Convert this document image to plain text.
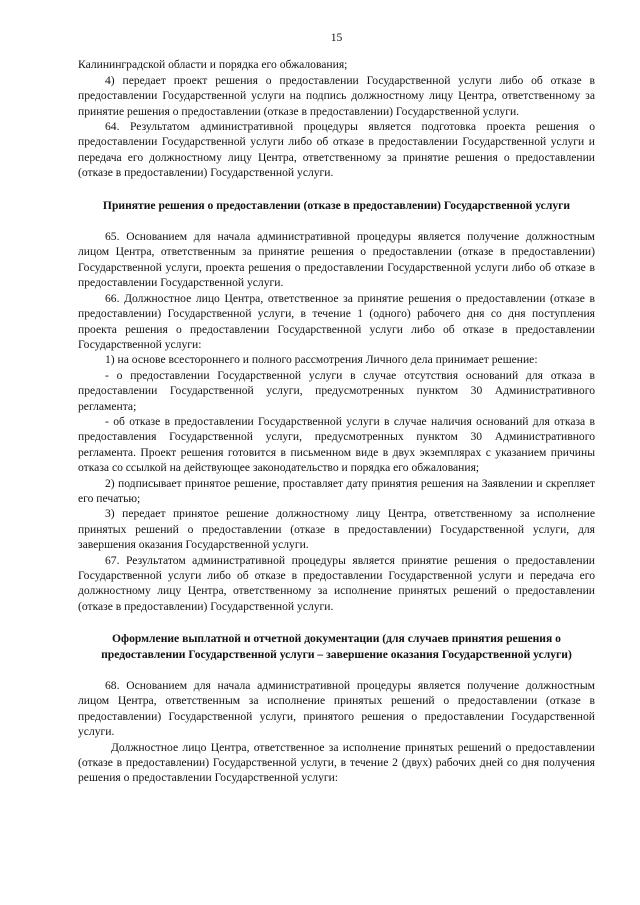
15

Калининградской области и порядка его обжалования;

4) передает проект решения о предоставлении Государственной услуги либо об отказе в предоставлении Государственной услуги на подпись должностному лицу Центра, ответственному за принятие решения о предоставлении (отказе в предоставлении) Государственной услуги.

64. Результатом административной процедуры является подготовка проекта решения о предоставлении Государственной услуги либо об отказе в предоставлении Государственной услуги и передача его должностному лицу Центра, ответственному за принятие решения о предоставлении (отказе в предоставлении) Государственной услуги.

Принятие решения о предоставлении (отказе в предоставлении) Государственной услуги

65. Основанием для начала административной процедуры является получение должностным лицом Центра, ответственным за принятие решения о предоставлении (отказе в предоставлении) Государственной услуги, проекта решения о предоставлении Государственной услуги либо об отказе в предоставлении Государственной услуги.

66. Должностное лицо Центра, ответственное за принятие решения о предоставлении (отказе в предоставлении) Государственной услуги, в течение 1 (одного) рабочего дня со дня поступления проекта решения о предоставлении Государственной услуги либо об отказе в предоставлении Государственной услуги:

1) на основе всестороннего и полного рассмотрения Личного дела принимает решение:

- о предоставлении Государственной услуги в случае отсутствия оснований для отказа в предоставлении Государственной услуги, предусмотренных пунктом 30 Административного регламента;

- об отказе в предоставлении Государственной услуги в случае наличия оснований для отказа в предоставления Государственной услуги, предусмотренных пунктом 30 Административного регламента. Проект решения готовится в письменном виде в двух экземплярах с указанием причины отказа со ссылкой на действующее законодательство и порядка его обжалования;

2) подписывает принятое решение, проставляет дату принятия решения на Заявлении и скрепляет его печатью;

3) передает принятое решение должностному лицу Центра, ответственному за исполнение принятых решений о предоставлении (отказе в предоставлении) Государственной услуги, для завершения оказания Государственной услуги.

67. Результатом административной процедуры является принятие решения о предоставлении Государственной услуги либо об отказе в предоставлении Государственной услуги и передача его должностному лицу Центра, ответственному за исполнение принятых решений о предоставлении (отказе в предоставлении) Государственной услуги.

Оформление выплатной и отчетной документации (для случаев принятия решения о предоставлении Государственной услуги – завершение оказания Государственной услуги)

68. Основанием для начала административной процедуры является получение должностным лицом Центра, ответственным за исполнение принятых решений о предоставлении (отказе в предоставлении) Государственной услуги, принятого решения о предоставлении Государственной услуги.

Должностное лицо Центра, ответственное за исполнение принятых решений о предоставлении (отказе в предоставлении) Государственной услуги, в течение 2 (двух) рабочих дней со дня получения решения о предоставлении Государственной услуги:
